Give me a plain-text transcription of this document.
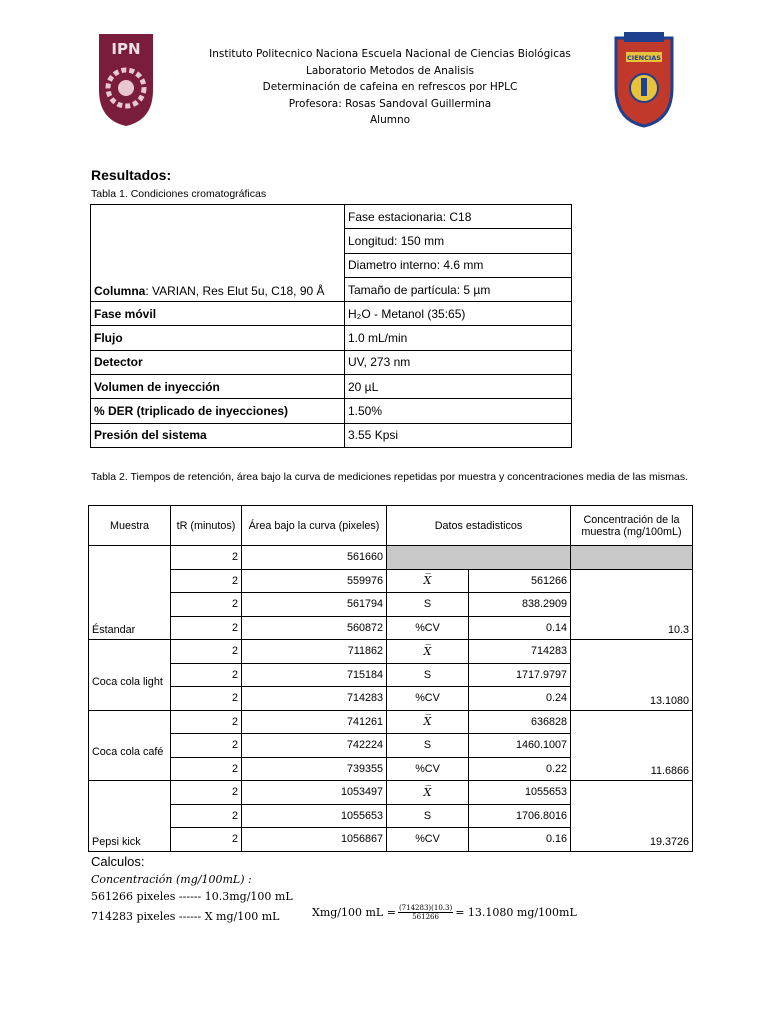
IPN	Instituto Politecnico Naciona Escuela Nacional de Ciencias Biológicas
Laboratorio Metodos de Analisis
Determinación de cafeina en refrescos por HPLC
Profesora: Rosas Sandoval Guillermina
Alumno
CIENCIAS
Resultados:
Tabla 1. Condiciones cromatográficas
Columna: VARIAN, Res Elut 5u, C18, 90 Å	Fase estacionaria: C18
	Longitud: 150 mm
	Diametro interno: 4.6 mm
	Tamaño de partícula: 5 µm
Fase móvil	H₂O - Metanol (35:65)
Flujo	1.0 mL/min
Detector	UV, 273 nm
Volumen de inyección	20 µL
% DER (triplicado de inyecciones)	1.50%
Presión del sistema	3.55 Kpsi
Tabla 2. Tiempos de retención, área bajo la curva de mediciones repetidas por muestra y concentraciones media de las mismas.
Muestra	tR (minutos)	Área bajo la curva (pixeles)	Datos estadisticos		Concentración de la muestra (mg/100mL)
Éstandar	2	561660			
	2	559976	X̅	561266	10.3
	2	561794	S	838.2909	
	2	560872	%CV	0.14	
Coca cola light	2	711862	X̅	714283	13.1080
	2	715184	S	1717.9797	
	2	714283	%CV	0.24	
Coca cola café	2	741261	X̅	636828	11.6866
	2	742224	S	1460.1007	
	2	739355	%CV	0.22	
Pepsi kick	2	1053497	X̅	1055653	19.3726
	2	1055653	S	1706.8016	
	2	1056867	%CV	0.16	
Calculos:
Concentración (mg/100mL) :
561266 pixeles ------ 10.3mg/100 mL
714283 pixeles ------ X mg/100 mL	Xmg/100 mL = $\frac{(714283)(10.3)}{561266} = 13.1080$ mg/100mL
